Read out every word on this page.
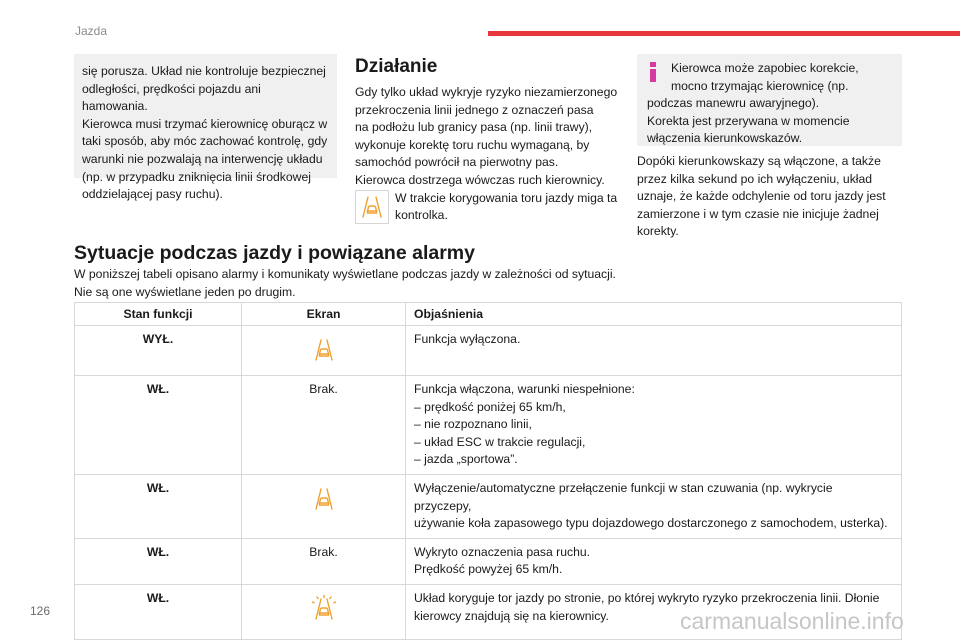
Jazda
się porusza. Układ nie kontroluje bezpiecznej
odległości, prędkości pojazdu ani hamowania.
Kierowca musi trzymać kierownicę oburącz w
taki sposób, aby móc zachować kontrolę, gdy
warunki nie pozwalają na interwencję układu
(np. w przypadku zniknięcia linii środkowej
oddzielającej pasy ruchu).
Działanie
Gdy tylko układ wykryje ryzyko niezamierzonego
przekroczenia linii jednego z oznaczeń pasa
na podłożu lub granicy pasa (np. linii trawy),
wykonuje korektę toru ruchu wymaganą, by
samochód powrócił na pierwotny pas.
Kierowca dostrzega wówczas ruch kierownicy.
W trakcie korygowania toru jazdy miga ta
kontrolka.
Kierowca może zapobiec korekcie,
mocno trzymając kierownicę (np.
podczas manewru awaryjnego).
Korekta jest przerywana w momencie
włączenia kierunkowskazów.
Dopóki kierunkowskazy są włączone, a także
przez kilka sekund po ich wyłączeniu, układ
uznaje, że każde odchylenie od toru jazdy jest
zamierzone i w tym czasie nie inicjuje żadnej
korekty.
Sytuacje podczas jazdy i powiązane alarmy
W poniższej tabeli opisano alarmy i komunikaty wyświetlane podczas jazdy w zależności od sytuacji.
Nie są one wyświetlane jeden po drugim.
Stan funkcji	Ekran	Objaśnienia
WYŁ.		Funkcja wyłączona.

WŁ.	Brak.	Funkcja włączona, warunki niespełnione:
– prędkość poniżej 65 km/h,
– nie rozpoznano linii,
– układ ESC w trakcie regulacji,
– jazda „sportowa”.

WŁ.		Wyłączenie/automatyczne przełączenie funkcji w stan czuwania (np. wykrycie przyczepy,
używanie koła zapasowego typu dojazdowego dostarczonego z samochodem, usterka).

WŁ.	Brak.	Wykryto oznaczenia pasa ruchu.
Prędkość powyżej 65 km/h.

WŁ.		Układ koryguje tor jazdy po stronie, po której wykryto ryzyko przekroczenia linii. Dłonie
kierowcy znajdują się na kierownicy.
126	carmanualsonline.info
